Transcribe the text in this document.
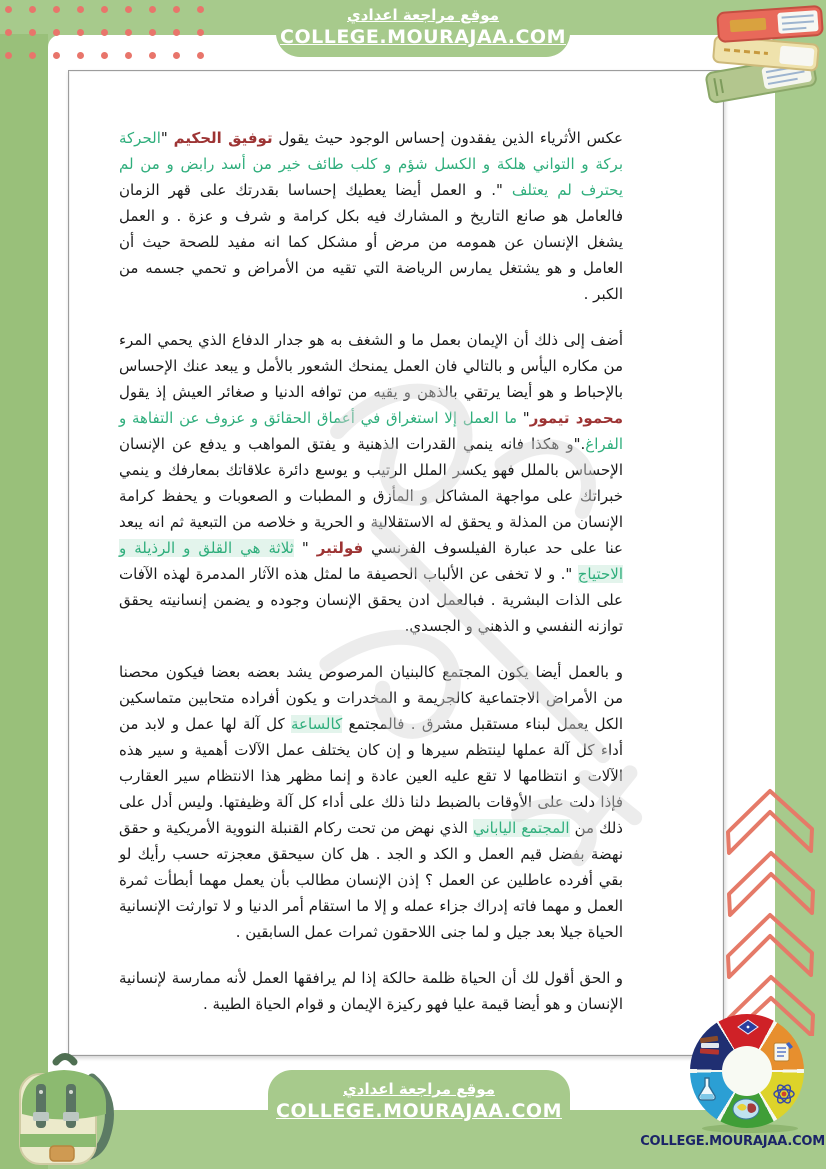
موقع مراجعة اعدادي
COLLEGE.MOURAJAA.COM

عكس الأثرياء الذين يفقدون إحساس الوجود حيث يقول توفيق الحكيم "الحركة بركة و التواني هلكة و الكسل شؤم و كلب طائف خير من أسد رابض و من لم يحترف لم يعتلف ". و العمل أيضا يعطيك إحساسا بقدرتك على قهر الزمان فالعامل هو صانع التاريخ و المشارك فيه بكل كرامة و شرف و عزة . و العمل يشغل الإنسان عن همومه من مرض أو مشكل كما انه مفيد للصحة حيث أن العامل و هو يشتغل يمارس الرياضة التي تقيه من الأمراض و تحمي جسمه من الكبر .

أضف إلى ذلك أن الإيمان بعمل ما و الشغف به هو جدار الدفاع الذي يحمي المرء من مكاره اليأس و بالتالي فان العمل يمنحك الشعور بالأمل و يبعد عنك الإحساس بالإحباط و هو أيضا يرتقي بالذهن و يقيه من توافه الدنيا و صغائر العيش إذ يقول محمود تيمور" ما العمل إلا استغراق في أعماق الحقائق و عزوف عن التفاهة و الفراغ."و هكذا فانه ينمي القدرات الذهنية و يفتق المواهب و يدفع عن الإنسان الإحساس بالملل فهو يكسر الملل الرتيب و يوسع دائرة علاقاتك بمعارفك و ينمي خبراتك على مواجهة المشاكل و المأزق و المطبات و الصعوبات و يحفظ كرامة الإنسان من المذلة و يحقق له الاستقلالية و الحرية و خلاصه من التبعية ثم انه يبعد عنا على حد عبارة الفيلسوف الفرنسي فولتير " ثلاثة هي القلق و الرذيلة و الاحتياج ". و لا تخفى عن الألباب الحصيفة ما لمثل هذه الآثار المدمرة لهذه الآفات على الذات البشرية . فبالعمل ادن يحقق الإنسان وجوده و يضمن إنسانيته يحقق توازنه النفسي و الذهني و الجسدي.

و بالعمل أيضا يكون المجتمع كالبنيان المرصوص يشد بعضه بعضا فيكون محصنا من الأمراض الاجتماعية كالجريمة و المخدرات و يكون أفراده متحابين متماسكين الكل يعمل لبناء مستقبل مشرق . فالمجتمع كالساعة كل آلة لها عمل و لابد من أداء كل آلة عملها لينتظم سيرها و إن كان يختلف عمل الآلات أهمية و سير هذه الآلات و انتظامها لا تقع عليه العين عادة و إنما مظهر هذا الانتظام سير العقارب فإذا دلت على الأوقات بالضبط دلنا ذلك على أداء كل آلة وظيفتها. وليس أدل على ذلك من المجتمع الياباني الذي نهض من تحت ركام القنبلة النووية الأمريكية و حقق نهضة بفضل قيم العمل و الكد و الجد . هل كان سيحقق معجزته حسب رأيك لو بقي أفرده عاطلين عن العمل ؟ إذن الإنسان مطالب بأن يعمل مهما أبطأت ثمرة العمل و مهما فاته إدراك جزاء عمله و إلا ما استقام أمر الدنيا و لا توارثت الإنسانية الحياة جيلا بعد جيل و لما جنى اللاحقون ثمرات عمل السابقين .

و الحق أقول لك أن الحياة ظلمة حالكة إذا لم يرافقها العمل لأنه ممارسة لإنسانية الإنسان و هو أيضا قيمة عليا فهو ركيزة الإيمان و قوام الحياة الطيبة .

موقع مراجعة اعدادي
COLLEGE.MOURAJAA.COM
COLLEGE.MOURAJAA.COM
